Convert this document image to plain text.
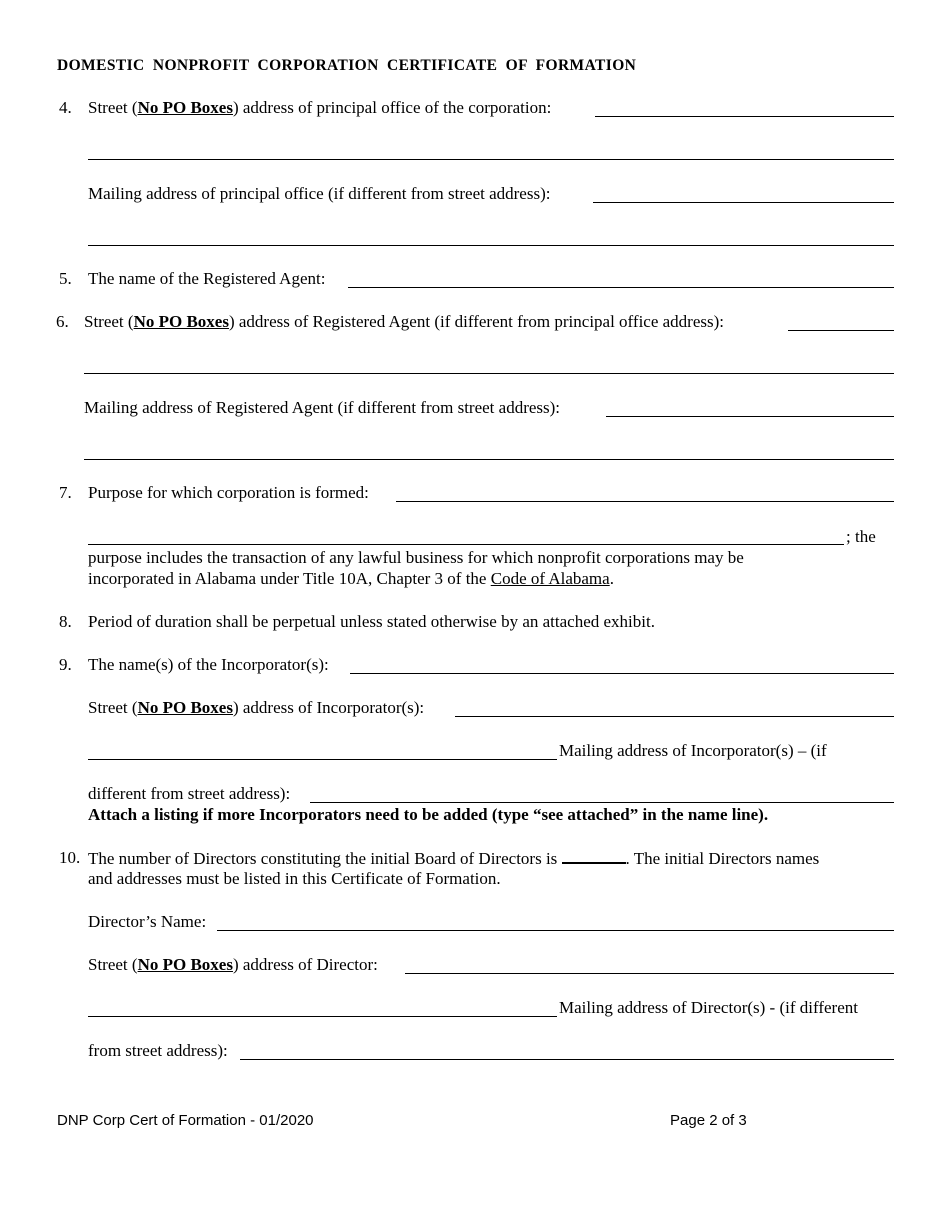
DOMESTIC NONPROFIT CORPORATION CERTIFICATE OF FORMATION
4. Street (No PO Boxes) address of principal office of the corporation:
Mailing address of principal office (if different from street address):
5. The name of the Registered Agent:
6. Street (No PO Boxes) address of Registered Agent (if different from principal office address):
Mailing address of Registered Agent (if different from street address):
7. Purpose for which corporation is formed:
; the
purpose includes the transaction of any lawful business for which nonprofit corporations may be
incorporated in Alabama under Title 10A, Chapter 3 of the Code of Alabama.
8. Period of duration shall be perpetual unless stated otherwise by an attached exhibit.
9. The name(s) of the Incorporator(s):
Street (No PO Boxes) address of Incorporator(s):
Mailing address of Incorporator(s) – (if
different from street address):
Attach a listing if more Incorporators need to be added (type “see attached” in the name line).
10. The number of Directors constituting the initial Board of Directors is	. The initial Directors names
and addresses must be listed in this Certificate of Formation.
Director’s Name:
Street (No PO Boxes) address of Director:
Mailing address of Director(s) - (if different
from street address):
DNP Corp Cert of Formation - 01/2020	Page 2 of 3
